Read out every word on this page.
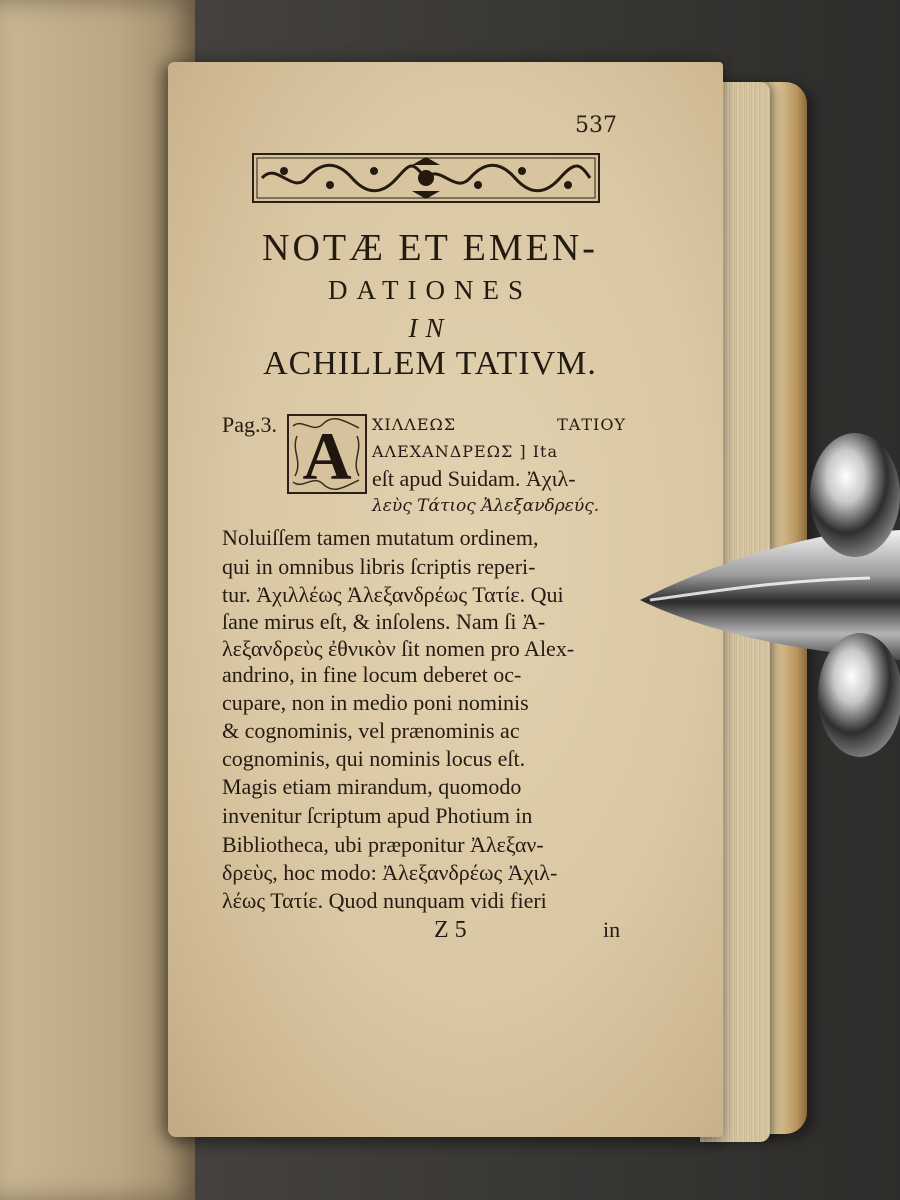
537
NOTÆ ET EMEN-
DATIONES
IN
ACHILLEM TATIVM.
A
Pag.3.	ΧΙΛΛΕΩΣ	ΤΑΤΙΟΥ
ΑΛΕΧΑΝΔΡΕΩΣ ] Ita
eſt apud Suidam. Ἀχιλ-
λεὺς Τάτιος Ἀλεξανδρεύς.
Noluiſſem tamen mutatum ordinem,
qui in omnibus libris ſcriptis reperi-
tur. Ἀχιλλέως Ἀλεξανδρέως Τατίε. Qui
ſane mirus eſt, & inſolens. Nam ſi Ἀ-
λεξανδρεὺς ἐθνικὸν ſit nomen pro Alex-
andrino, in fine locum deberet oc-
cupare, non in medio poni nominis
& cognominis, vel prænominis ac
cognominis, qui nominis locus eſt.
Magis etiam mirandum, quomodo
invenitur ſcriptum apud Photium in
Bibliotheca, ubi præponitur Ἀλεξαν-
δρεὺς, hoc modo: Ἀλεξανδρέως Ἀχιλ-
λέως Τατίε. Quod nunquam vidi fieri
Z 5	in
